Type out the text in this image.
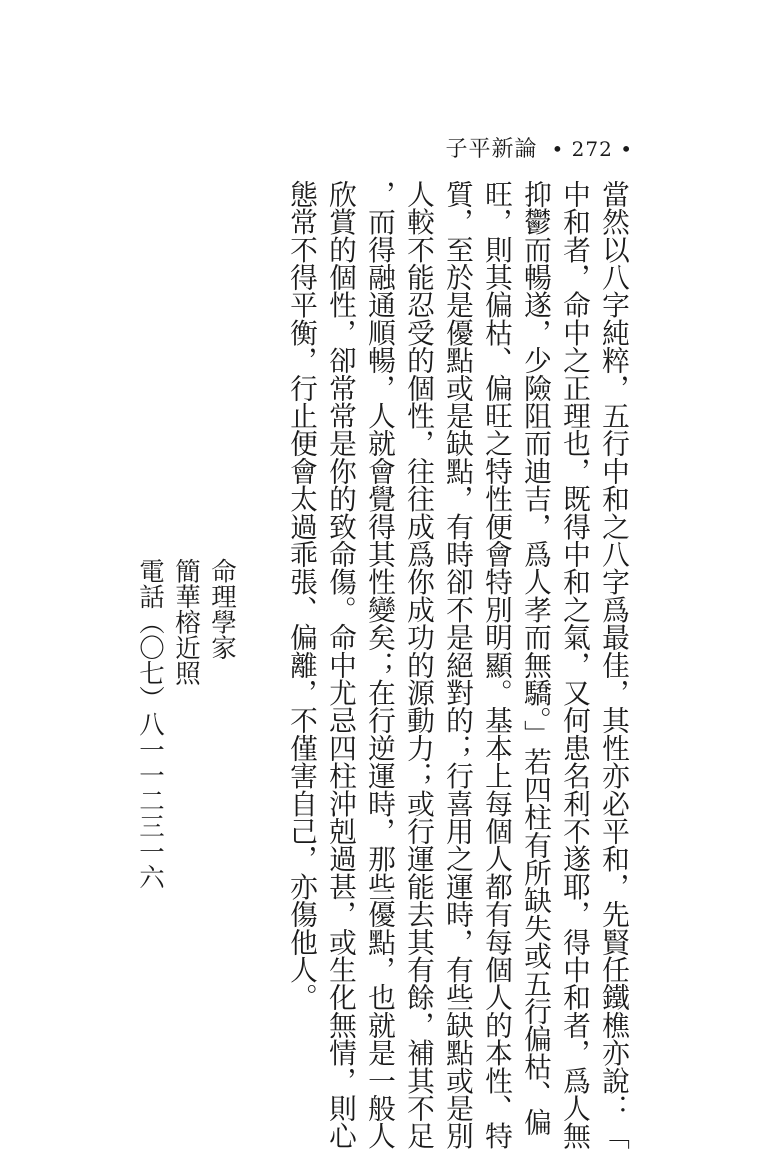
子平新論 • 272 •
當然以八字純粹，五行中和之八字爲最佳，其性亦必平和，先賢任鐵樵亦說：「
中和者，命中之正理也，既得中和之氣，又何患名利不遂耶，得中和者，爲人無
抑鬱而暢遂，少險阻而迪吉，爲人孝而無驕。」若四柱有所缺失或五行偏枯、偏
旺，則其偏枯、偏旺之特性便會特別明顯。基本上每個人都有每個人的本性、特
質，至於是優點或是缺點，有時卻不是絕對的；行喜用之運時，有些缺點或是別
人較不能忍受的個性，往往成爲你成功的源動力；或行運能去其有餘，補其不足
，而得融通順暢，人就會覺得其性變矣；在行逆運時，那些優點，也就是一般人
欣賞的個性，卻常常是你的致命傷。命中尤忌四柱沖剋過甚，或生化無情，則心
態常不得平衡，行止便會太過乖張、偏離，不僅害自己，亦傷他人。
命理學家
簡華榕近照
電話（〇七）八一一二三一六
